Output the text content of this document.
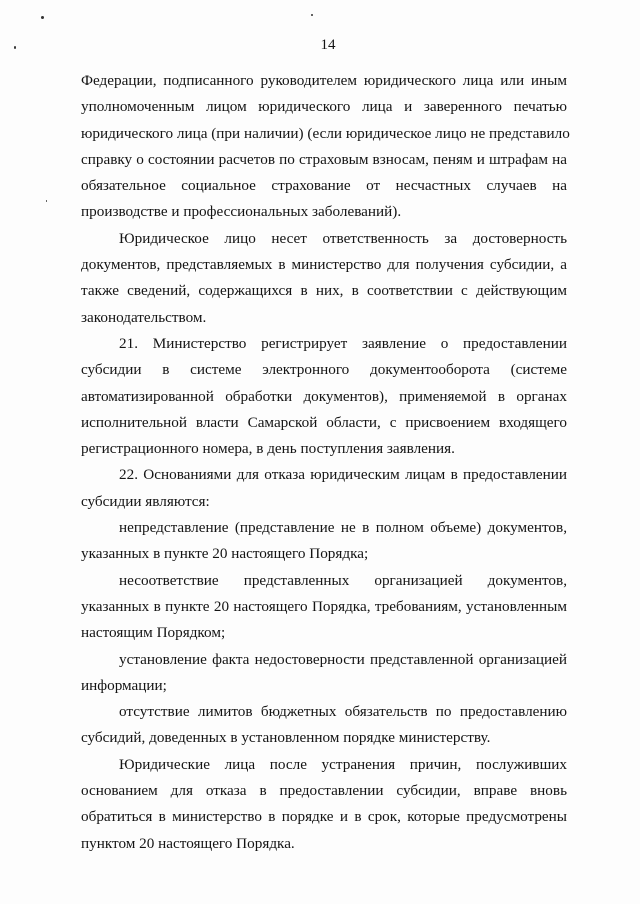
14
Федерации, подписанного руководителем юридического лица или иным
уполномоченным лицом юридического лица и заверенного печатью
юридического лица (при наличии) (если юридическое лицо не представило
справку о состоянии расчетов по страховым взносам, пеням и штрафам на
обязательное социальное страхование от несчастных случаев на
производстве и профессиональных заболеваний).
Юридическое лицо несет ответственность за достоверность
документов, представляемых в министерство для получения субсидии, а
также сведений, содержащихся в них, в соответствии с действующим
законодательством.
21. Министерство регистрирует заявление о предоставлении
субсидии в системе электронного документооборота (системе
автоматизированной обработки документов), применяемой в органах
исполнительной власти Самарской области, с присвоением входящего
регистрационного номера, в день поступления заявления.
22. Основаниями для отказа юридическим лицам в предоставлении
субсидии являются:
непредставление (представление не в полном объеме) документов,
указанных в пункте 20 настоящего Порядка;
несоответствие представленных организацией документов,
указанных в пункте 20 настоящего Порядка, требованиям, установленным
настоящим Порядком;
установление факта недостоверности представленной организацией
информации;
отсутствие лимитов бюджетных обязательств по предоставлению
субсидий, доведенных в установленном порядке министерству.
Юридические лица после устранения причин, послуживших
основанием для отказа в предоставлении субсидии, вправе вновь
обратиться в министерство в порядке и в срок, которые предусмотрены
пунктом 20 настоящего Порядка.
